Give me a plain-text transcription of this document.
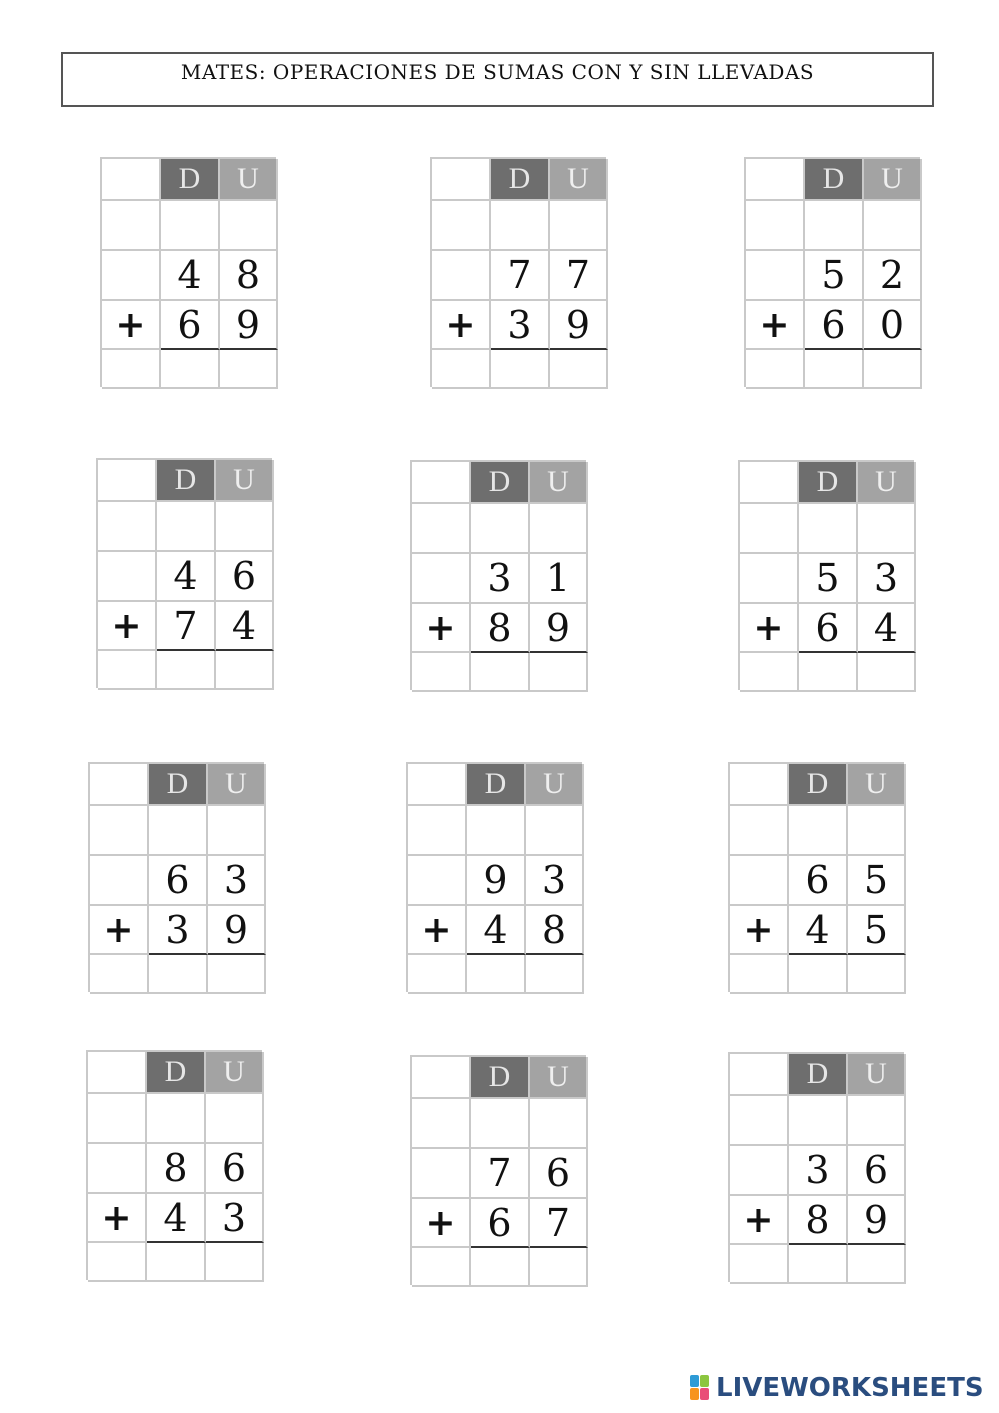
MATES: OPERACIONES DE SUMAS CON Y SIN LLEVADAS
D	U
4 8
+ 6 9
D	U
7 7
+ 3 9
D	U
5 2
+ 6 0
D	U
4 6
+ 7 4
D	U
3 1
+ 8 9
D	U
5 3
+ 6 4
D	U
6 3
+ 3 9
D	U
9 3
+ 4 8
D	U
6 5
+ 4 5
D	U
8 6
+ 4 3
D	U
7 6
+ 6 7
D	U
3 6
+ 8 9
LIVEWORKSHEETS
